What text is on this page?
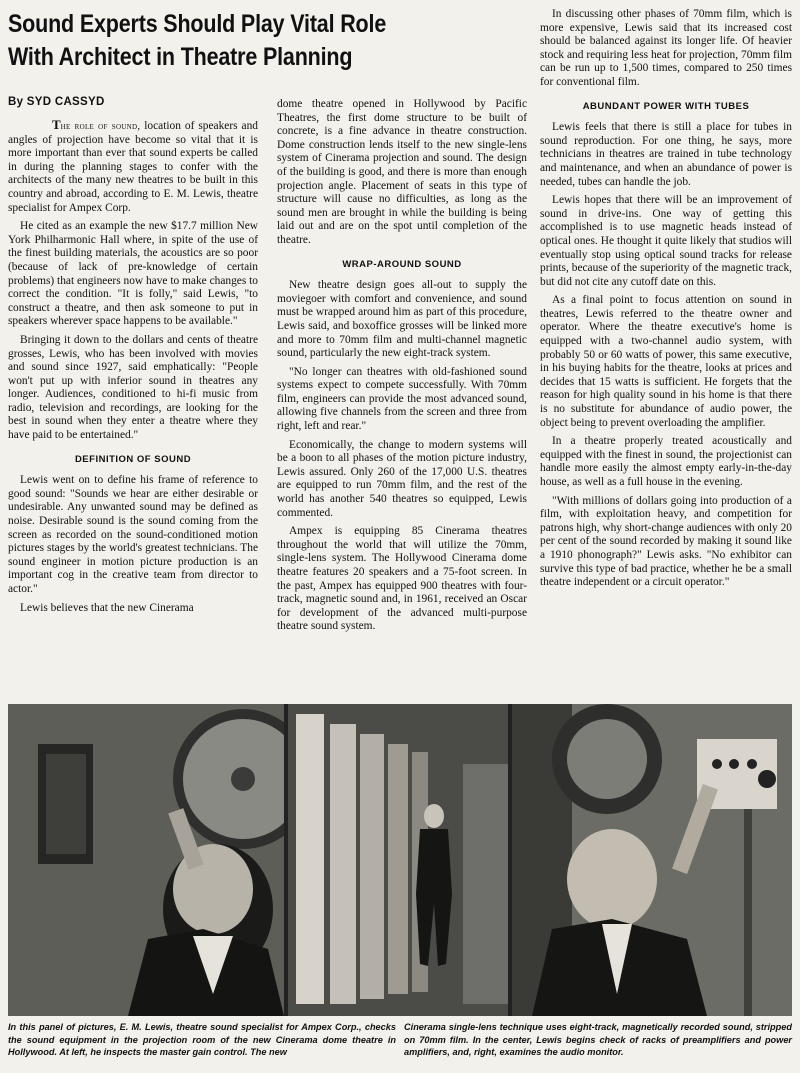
Sound Experts Should Play Vital Role
With Architect in Theatre Planning
By SYD CASSYD

The role of sound, location of speakers and angles of projection have become so vital that it is more important than ever that sound experts be called in during the planning stages to confer with the architects of the many new theatres to be built in this country and abroad, according to E. M. Lewis, theatre specialist for Ampex Corp.

He cited as an example the new $17.7 million New York Philharmonic Hall where, in spite of the use of the finest building materials, the acoustics are so poor (because of lack of pre-knowledge of certain problems) that engineers now have to make changes to correct the condition. "It is folly," said Lewis, "to construct a theatre, and then ask someone to put in speakers wherever space happens to be available."

Bringing it down to the dollars and cents of theatre grosses, Lewis, who has been involved with movies and sound since 1927, said emphatically: "People won't put up with inferior sound in theatres any longer. Audiences, conditioned to hi-fi music from radio, television and recordings, are looking for the best in sound when they enter a theatre where they have paid to be entertained."

DEFINITION OF SOUND

Lewis went on to define his frame of reference to good sound: "Sounds we hear are either desirable or undesirable. Any unwanted sound may be defined as noise. Desirable sound is the sound coming from the screen as recorded on the sound-conditioned motion pictures stages by the world's greatest technicians. The sound engineer in motion picture production is an important cog in the creative team from director to actor."

Lewis believes that the new Cinerama

dome theatre opened in Hollywood by Pacific Theatres, the first dome structure to be built of concrete, is a fine advance in theatre construction. Dome construction lends itself to the new single-lens system of Cinerama projection and sound. The design of the building is good, and there is more than enough projection angle. Placement of seats in this type of structure will cause no difficulties, as long as the sound men are brought in while the building is being laid out and are on the spot until completion of the theatre.

WRAP-AROUND SOUND

New theatre design goes all-out to supply the moviegoer with comfort and convenience, and sound must be wrapped around him as part of this procedure, Lewis said, and boxoffice grosses will be linked more and more to 70mm film and multi-channel magnetic sound, particularly the new eight-track system.

"No longer can theatres with old-fashioned sound systems expect to compete successfully. With 70mm film, engineers can provide the most advanced sound, allowing five channels from the screen and three from right, left and rear."

Economically, the change to modern systems will be a boon to all phases of the motion picture industry, Lewis assured. Only 260 of the 17,000 U.S. theatres are equipped to run 70mm film, and the rest of the world has another 540 theatres so equipped, Lewis commented.

Ampex is equipping 85 Cinerama theatres throughout the world that will utilize the 70mm, single-lens system. The Hollywood Cinerama dome theatre features 20 speakers and a 75-foot screen. In the past, Ampex has equipped 900 theatres with four-track, magnetic sound and, in 1961, received an Oscar for development of the advanced multi-purpose theatre sound system.

In discussing other phases of 70mm film, which is more expensive, Lewis said that its increased cost should be balanced against its longer life. Of heavier stock and requiring less heat for projection, 70mm film can be run up to 1,500 times, compared to 250 times for conventional film.

ABUNDANT POWER WITH TUBES

Lewis feels that there is still a place for tubes in sound reproduction. For one thing, he says, more technicians in theatres are trained in tube technology and maintenance, and when an abundance of power is needed, tubes can handle the job.

Lewis hopes that there will be an improvement of sound in drive-ins. One way of getting this accomplished is to use magnetic heads instead of optical ones. He thought it quite likely that studios will eventually stop using optical sound tracks for release prints, because of the superiority of the magnetic track, but did not cite any cutoff date on this.

As a final point to focus attention on sound in theatres, Lewis referred to the theatre owner and operator. Where the theatre executive's home is equipped with a two-channel audio system, with probably 50 or 60 watts of power, this same executive, in his buying habits for the theatre, looks at prices and decides that 15 watts is sufficient. He forgets that the reason for high quality sound in his home is that there is no substitute for abundance of audio power, the object being to prevent overloading the amplifier.

In a theatre properly treated acoustically and equipped with the finest in sound, the projectionist can handle more easily the almost empty early-in-the-day house, as well as a full house in the evening.

"With millions of dollars going into production of a film, with exploitation heavy, and competition for patrons high, why short-change audiences with only 20 per cent of the sound recorded by making it sound like a 1910 phonograph?" Lewis asks. "No exhibitor can survive this type of bad practice, whether he be a small theatre independent or a circuit operator."

In this panel of pictures, E. M. Lewis, theatre sound specialist for Ampex Corp., checks the sound equipment in the projection room of the new Cinerama dome theatre in Hollywood. At left, he inspects the master gain control. The new
Cinerama single-lens technique uses eight-track, magnetically recorded sound, stripped on 70mm film. In the center, Lewis begins check of racks of preamplifiers and power amplifiers, and, right, examines the audio monitor.
